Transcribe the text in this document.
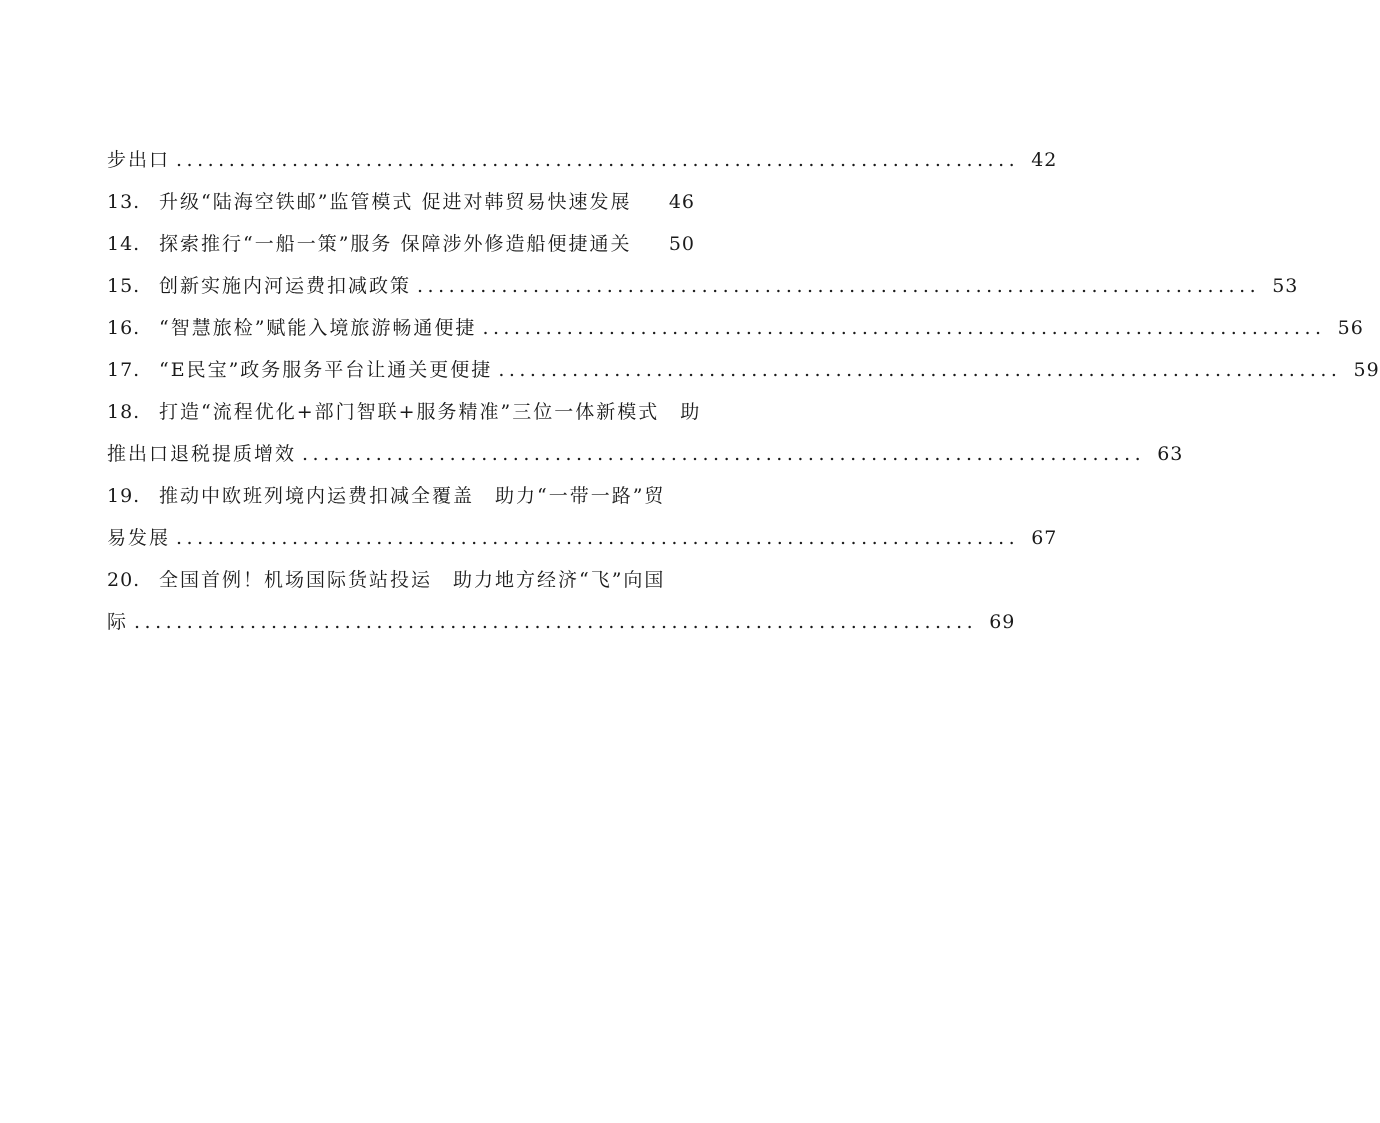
步出口 ................................................................................ 42
13. 升级“陆海空铁邮”监管模式 促进对韩贸易快速发展 46
14. 探索推行“一船一策”服务 保障涉外修造船便捷通关 50
15. 创新实施内河运费扣减政策 ................................................................................ 53
16. “智慧旅检”赋能入境旅游畅通便捷 ................................................................................ 56
17. “E民宝”政务服务平台让通关更便捷 ................................................................................ 59
18. 打造“流程优化+部门智联+服务精准”三位一体新模式　助
推出口退税提质增效 ................................................................................ 63
19. 推动中欧班列境内运费扣减全覆盖　助力“一带一路”贸
易发展 ................................................................................ 67
20. 全国首例！机场国际货站投运　助力地方经济“飞”向国
际 ................................................................................ 69
